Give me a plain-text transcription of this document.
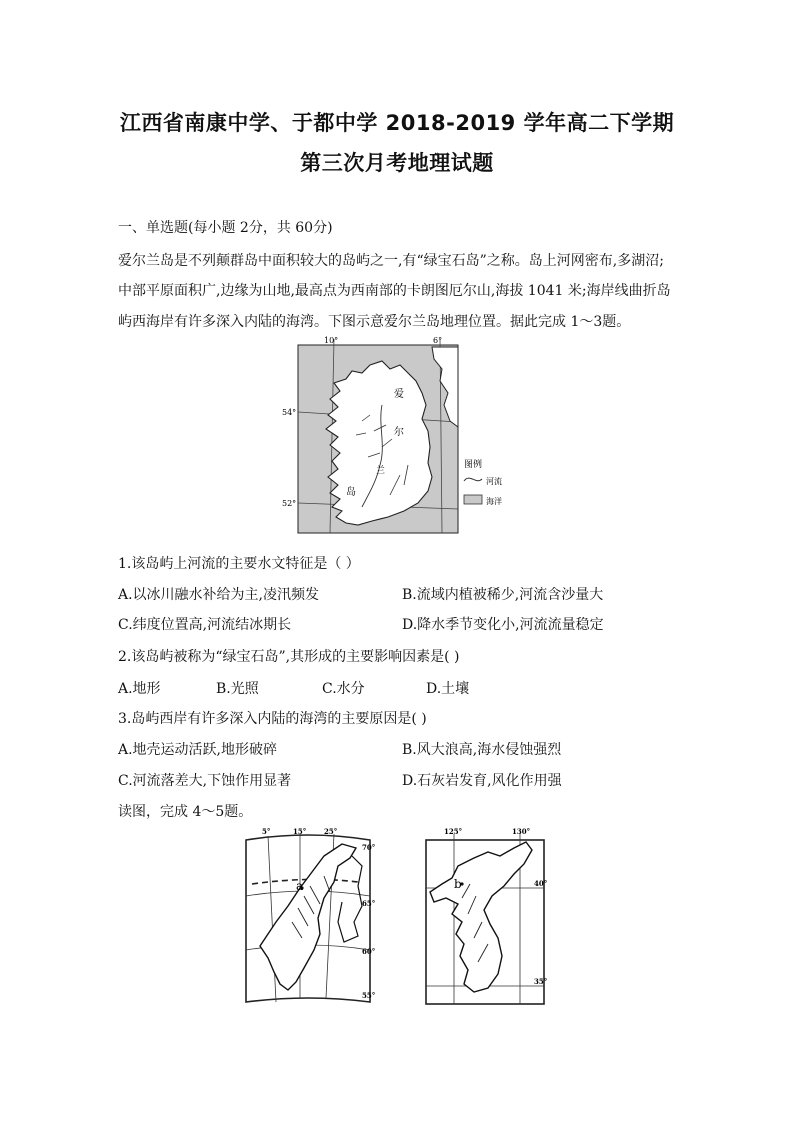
江西省南康中学、于都中学 2018-2019 学年高二下学期
第三次月考地理试题
一、单选题(每小题 2分，共 60分)
爱尔兰岛是不列颠群岛中面积较大的岛屿之一,有“绿宝石岛”之称。岛上河网密布,多湖沼;
中部平原面积广,边缘为山地,最高点为西南部的卡朗图厄尔山,海拔 1041 米;海岸线曲折岛
屿西海岸有许多深入内陆的海湾。下图示意爱尔兰岛地理位置。据此完成 1～3题。
10°	6°
54°
52°
爱
尔
兰
岛
图例
河流
海洋
1.该岛屿上河流的主要水文特征是（ ）
A.以冰川融水补给为主,凌汛频发	B.流域内植被稀少,河流含沙量大
C.纬度位置高,河流结冰期长	D.降水季节变化小,河流流量稳定
2.该岛屿被称为“绿宝石岛”,其形成的主要影响因素是( )
A.地形	B.光照	C.水分	D.土壤
3.岛屿西岸有许多深入内陆的海湾的主要原因是( )
A.地壳运动活跃,地形破碎	B.风大浪高,海水侵蚀强烈
C.河流落差大,下蚀作用显著	D.石灰岩发育,风化作用强
读图，完成 4～5题。
a
5°	15°	25°
70°
65°
60°
55°
b
125°	130°
40°
35°
